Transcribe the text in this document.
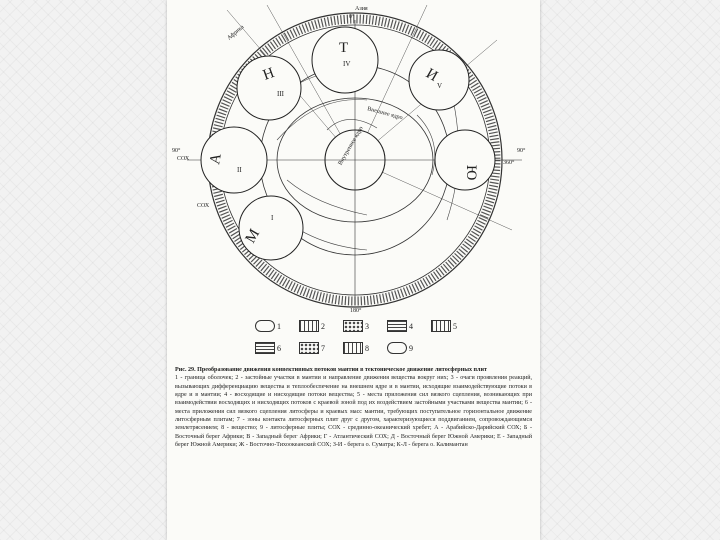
Т
Н	И
А
Ю
М
IV
III
V
II
I
Внутреннее ядро
Внешнее ядро
Азия
Африка
СОХ
СОХ
0°
180°
90°	90°
360°
1	2	3	4	5
6	7	8	9
Рис. 29. Преобразование движения конвективных потоков мантии в тектоническое движение литосферных плит
1 - граница оболочек; 2 - застойные участки в мантии и направление движения вещества вокруг них; 3 - очаги проявления реакций, вызывающих дифференциацию вещества и теплообеспечение на внешнем ядре и в мантии, исходящие взаимодействующие потоки в ядре и в мантии; 4 - восходящие и нисходящие потоки вещества; 5 - места приложения сил вязкого сцепления, возникающих при взаимодействии восходящих и нисходящих потоков с краевой зоной под их воздействием застойными участками вещества мантии; 6 - места приложения сил вязкого сцепления литосферы и краевых масс мантии, требующих поступательное горизонтальное движение литосферным плитам; 7 - зоны контакта литосферных плит друг с другом, характеризующиеся поддвиганием, сопровождающимся землетрясением; 8 - вещество; 9 - литосферные плиты; СОХ - срединно-океанический хребет; А - Арабийско-Дарийский СОХ; Б - Восточный берег Африки; В - Западный берег Африки; Г - Атлантический СОХ; Д - Восточный берег Южной Америки; Е - Западный берег Южной Америки; Ж - Восточно-Тихоокеанский СОХ; З-И - берега о. Суматра; К-Л - берега о. Калимантан
